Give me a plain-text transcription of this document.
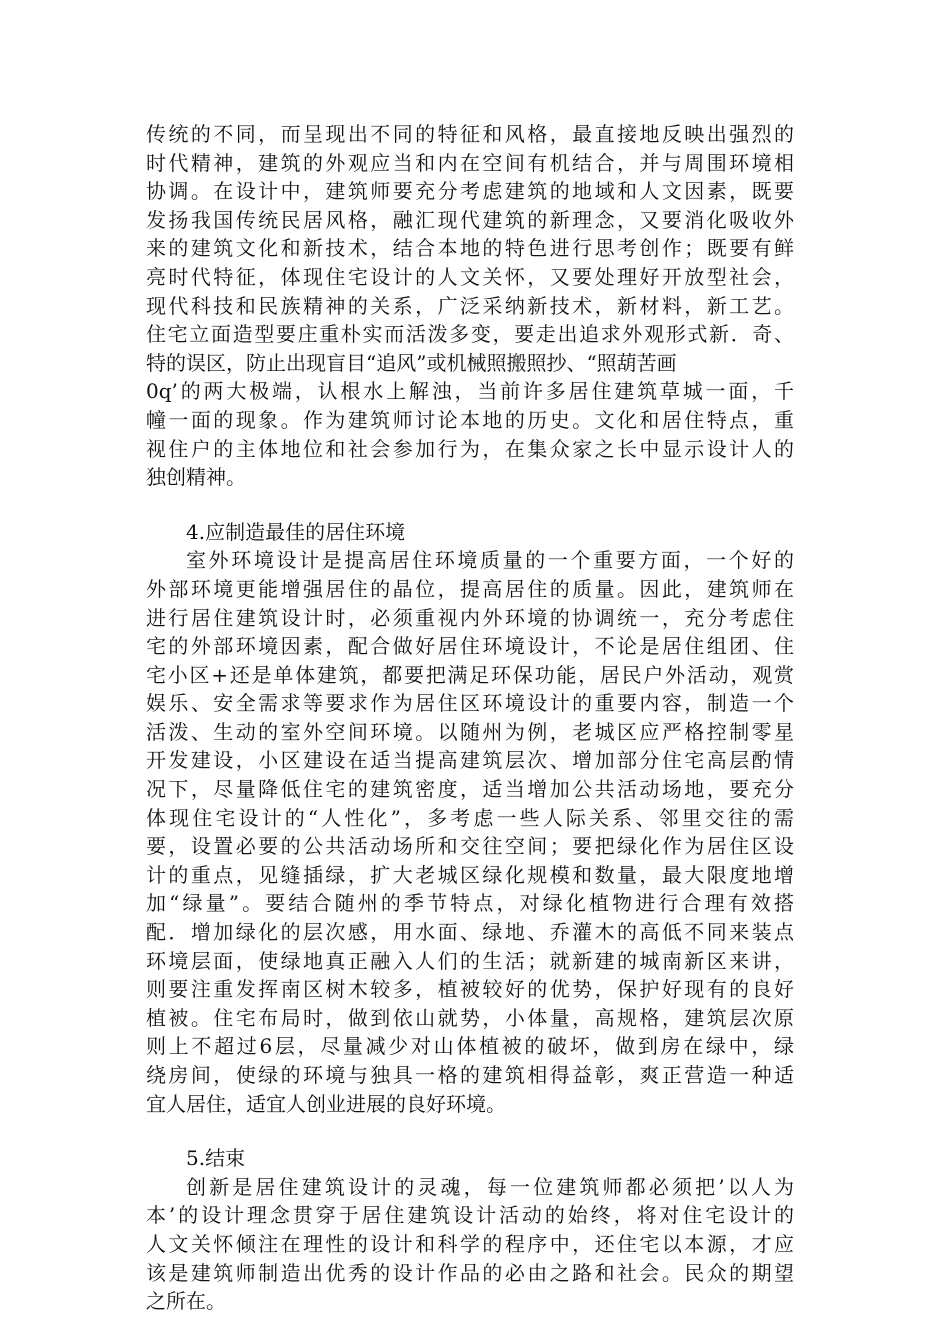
传统的不同，而呈现出不同的特征和风格，最直接地反映出强烈的
时代精神，建筑的外观应当和内在空间有机结合，并与周围环境相
协调。在设计中，建筑师要充分考虑建筑的地域和人文因素，既要
发扬我国传统民居风格，融汇现代建筑的新理念，又要消化吸收外
来的建筑文化和新技术，结合本地的特色进行思考创作；既要有鲜
亮时代特征，体现住宅设计的人文关怀，又要处理好开放型社会，
现代科技和民族精神的关系，广泛采纳新技术，新材料，新工艺。
住宅立面造型要庄重朴实而活泼多变，要走出追求外观形式新．奇、
特的误区，防止出现盲目“追风”或机械照搬照抄、“照葫苦画
0q’的两大极端，认根水上解浊，当前许多居住建筑草城一面，千
幢一面的现象。作为建筑师讨论本地的历史。文化和居住特点，重
视住户的主体地位和社会参加行为，在集众家之长中显示设计人的
独创精神。
4.应制造最佳的居住环境
室外环境设计是提高居住环境质量的一个重要方面，一个好的
外部环境更能增强居住的晶位，提高居住的质量。因此，建筑师在
进行居住建筑设计时，必须重视内外环境的协调统一，充分考虑住
宅的外部环境因素，配合做好居住环境设计，不论是居住组团、住
宅小区+还是单体建筑，都要把满足环保功能，居民户外活动，观赏
娱乐、安全需求等要求作为居住区环境设计的重要内容，制造一个
活泼、生动的室外空间环境。以随州为例，老城区应严格控制零星
开发建设，小区建设在适当提高建筑层次、增加部分住宅高层酌情
况下，尽量降低住宅的建筑密度，适当增加公共活动场地，要充分
体现住宅设计的“人性化”，多考虑一些人际关系、邻里交往的需
要，设置必要的公共活动场所和交往空间；要把绿化作为居住区设
计的重点，见缝插绿，扩大老城区绿化规模和数量，最大限度地增
加“绿量”。要结合随州的季节特点，对绿化植物进行合理有效搭
配．增加绿化的层次感，用水面、绿地、乔灌木的高低不同来装点
环境层面，使绿地真正融入人们的生活；就新建的城南新区来讲，
则要注重发挥南区树木较多，植被较好的优势，保护好现有的良好
植被。住宅布局时，做到依山就势，小体量，高规格，建筑层次原
则上不超过6层，尽量减少对山体植被的破坏，做到房在绿中，绿
绕房间，使绿的环境与独具一格的建筑相得益彰，爽正营造一种适
宜人居住，适宜人创业进展的良好环境。
5.结束
创新是居住建筑设计的灵魂，每一位建筑师都必须把’以人为
本’的设计理念贯穿于居住建筑设计活动的始终，将对住宅设计的
人文关怀倾注在理性的设计和科学的程序中，还住宅以本源，才应
该是建筑师制造出优秀的设计作品的必由之路和社会。民众的期望
之所在。
